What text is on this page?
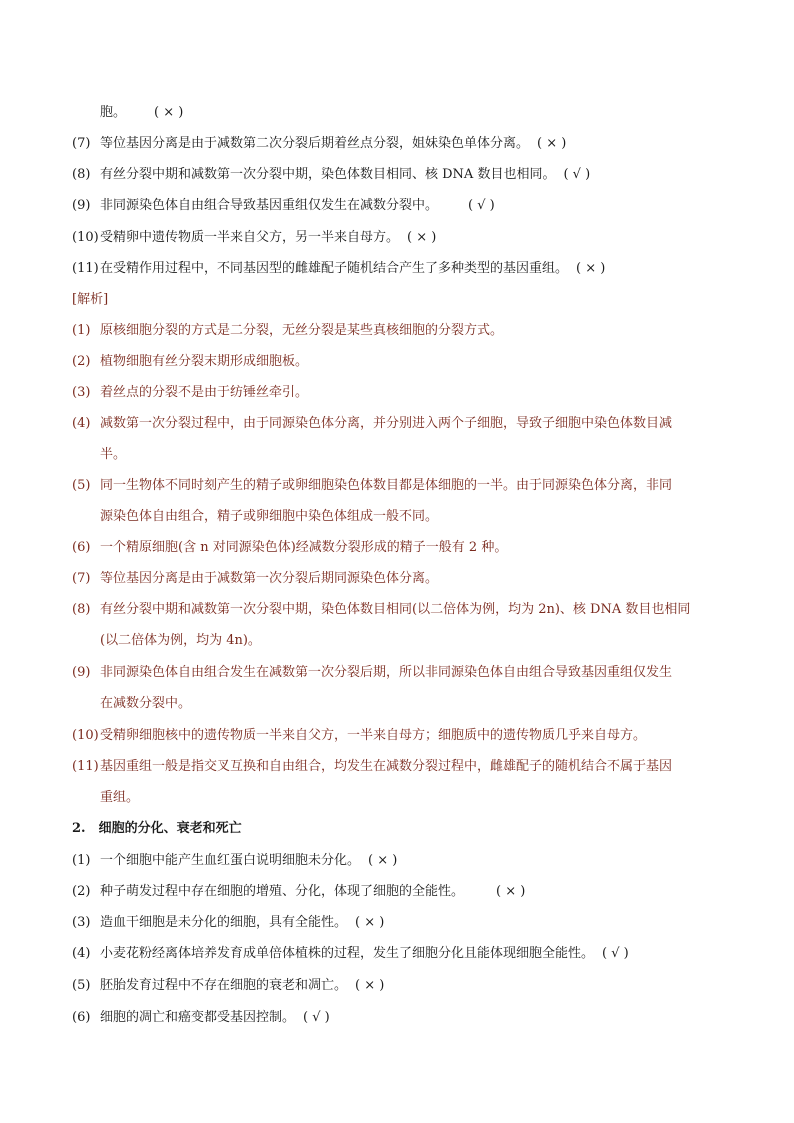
胞。 ( × )
(7) 等位基因分离是由于减数第二次分裂后期着丝点分裂，姐妹染色单体分离。 ( × )
(8) 有丝分裂中期和减数第一次分裂中期，染色体数目相同、核 DNA 数目也相同。 ( √ )
(9) 非同源染色体自由组合导致基因重组仅发生在减数分裂中。 ( √ )
(10)受精卵中遗传物质一半来自父方，另一半来自母方。 ( × )
(11)在受精作用过程中，不同基因型的雌雄配子随机结合产生了多种类型的基因重组。 ( × )
[解析]
(1) 原核细胞分裂的方式是二分裂，无丝分裂是某些真核细胞的分裂方式。
(2) 植物细胞有丝分裂末期形成细胞板。
(3) 着丝点的分裂不是由于纺锤丝牵引。
(4) 减数第一次分裂过程中，由于同源染色体分离，并分别进入两个子细胞，导致子细胞中染色体数目减
半。
(5) 同一生物体不同时刻产生的精子或卵细胞染色体数目都是体细胞的一半。由于同源染色体分离，非同
源染色体自由组合，精子或卵细胞中染色体组成一般不同。
(6) 一个精原细胞(含 n 对同源染色体)经减数分裂形成的精子一般有 2 种。
(7) 等位基因分离是由于减数第一次分裂后期同源染色体分离。
(8) 有丝分裂中期和减数第一次分裂中期，染色体数目相同(以二倍体为例，均为 2n)、核 DNA 数目也相同
(以二倍体为例，均为 4n)。
(9) 非同源染色体自由组合发生在减数第一次分裂后期，所以非同源染色体自由组合导致基因重组仅发生
在减数分裂中。
(10)受精卵细胞核中的遗传物质一半来自父方，一半来自母方；细胞质中的遗传物质几乎来自母方。
(11)基因重组一般是指交叉互换和自由组合，均发生在减数分裂过程中，雌雄配子的随机结合不属于基因
重组。
2.　细胞的分化、衰老和死亡
(1) 一个细胞中能产生血红蛋白说明细胞未分化。 ( × )
(2) 种子萌发过程中存在细胞的增殖、分化，体现了细胞的全能性。 ( × )
(3) 造血干细胞是未分化的细胞，具有全能性。 ( × )
(4) 小麦花粉经离体培养发育成单倍体植株的过程，发生了细胞分化且能体现细胞全能性。 ( √ )
(5) 胚胎发育过程中不存在细胞的衰老和凋亡。 ( × )
(6) 细胞的凋亡和癌变都受基因控制。 ( √ )
